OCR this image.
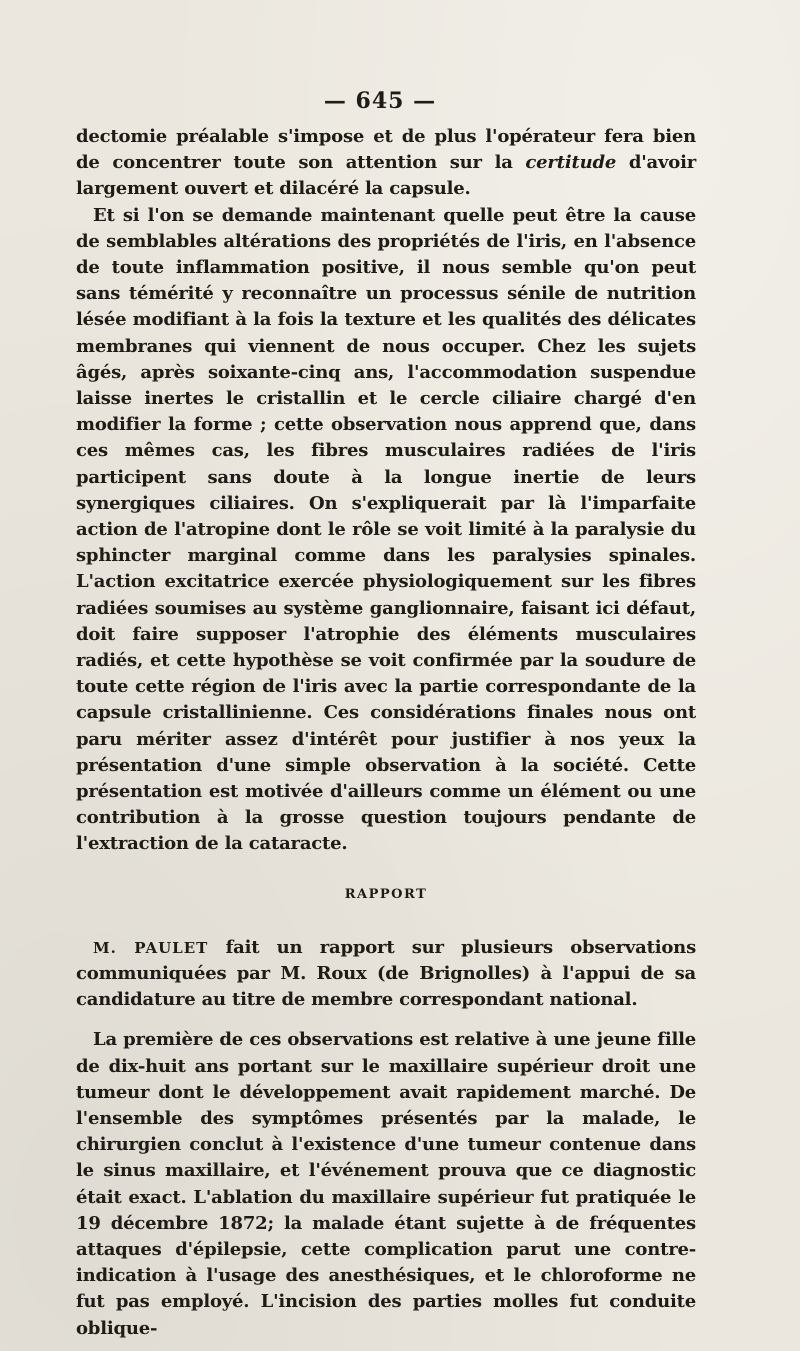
— 645 —

dectomie préalable s'impose et de plus l'opérateur fera bien de concentrer toute son attention sur la certitude d'avoir largement ouvert et dilacéré la capsule.

Et si l'on se demande maintenant quelle peut être la cause de semblables altérations des propriétés de l'iris, en l'absence de toute inflammation positive, il nous semble qu'on peut sans témérité y reconnaître un processus sénile de nutrition lésée modifiant à la fois la texture et les qualités des délicates membranes qui viennent de nous occuper. Chez les sujets âgés, après soixante-cinq ans, l'accommodation suspendue laisse inertes le cristallin et le cercle ciliaire chargé d'en modifier la forme ; cette observation nous apprend que, dans ces mêmes cas, les fibres musculaires radiées de l'iris participent sans doute à la longue inertie de leurs synergiques ciliaires. On s'expliquerait par là l'imparfaite action de l'atropine dont le rôle se voit limité à la paralysie du sphincter marginal comme dans les paralysies spinales. L'action excitatrice exercée physiologiquement sur les fibres radiées soumises au système ganglionnaire, faisant ici défaut, doit faire supposer l'atrophie des éléments musculaires radiés, et cette hypothèse se voit confirmée par la soudure de toute cette région de l'iris avec la partie correspondante de la capsule cristallinienne. Ces considérations finales nous ont paru mériter assez d'intérêt pour justifier à nos yeux la présentation d'une simple observation à la société. Cette présentation est motivée d'ailleurs comme un élément ou une contribution à la grosse question toujours pendante de l'extraction de la cataracte.

RAPPORT

M. PAULET fait un rapport sur plusieurs observations communiquées par M. Roux (de Brignolles) à l'appui de sa candidature au titre de membre correspondant national.

La première de ces observations est relative à une jeune fille de dix-huit ans portant sur le maxillaire supérieur droit une tumeur dont le développement avait rapidement marché. De l'ensemble des symptômes présentés par la malade, le chirurgien conclut à l'existence d'une tumeur contenue dans le sinus maxillaire, et l'événement prouva que ce diagnostic était exact. L'ablation du maxillaire supérieur fut pratiquée le 19 décembre 1872; la malade étant sujette à de fréquentes attaques d'épilepsie, cette complication parut une contre-indication à l'usage des anesthésiques, et le chloroforme ne fut pas employé. L'incision des parties molles fut conduite oblique-
